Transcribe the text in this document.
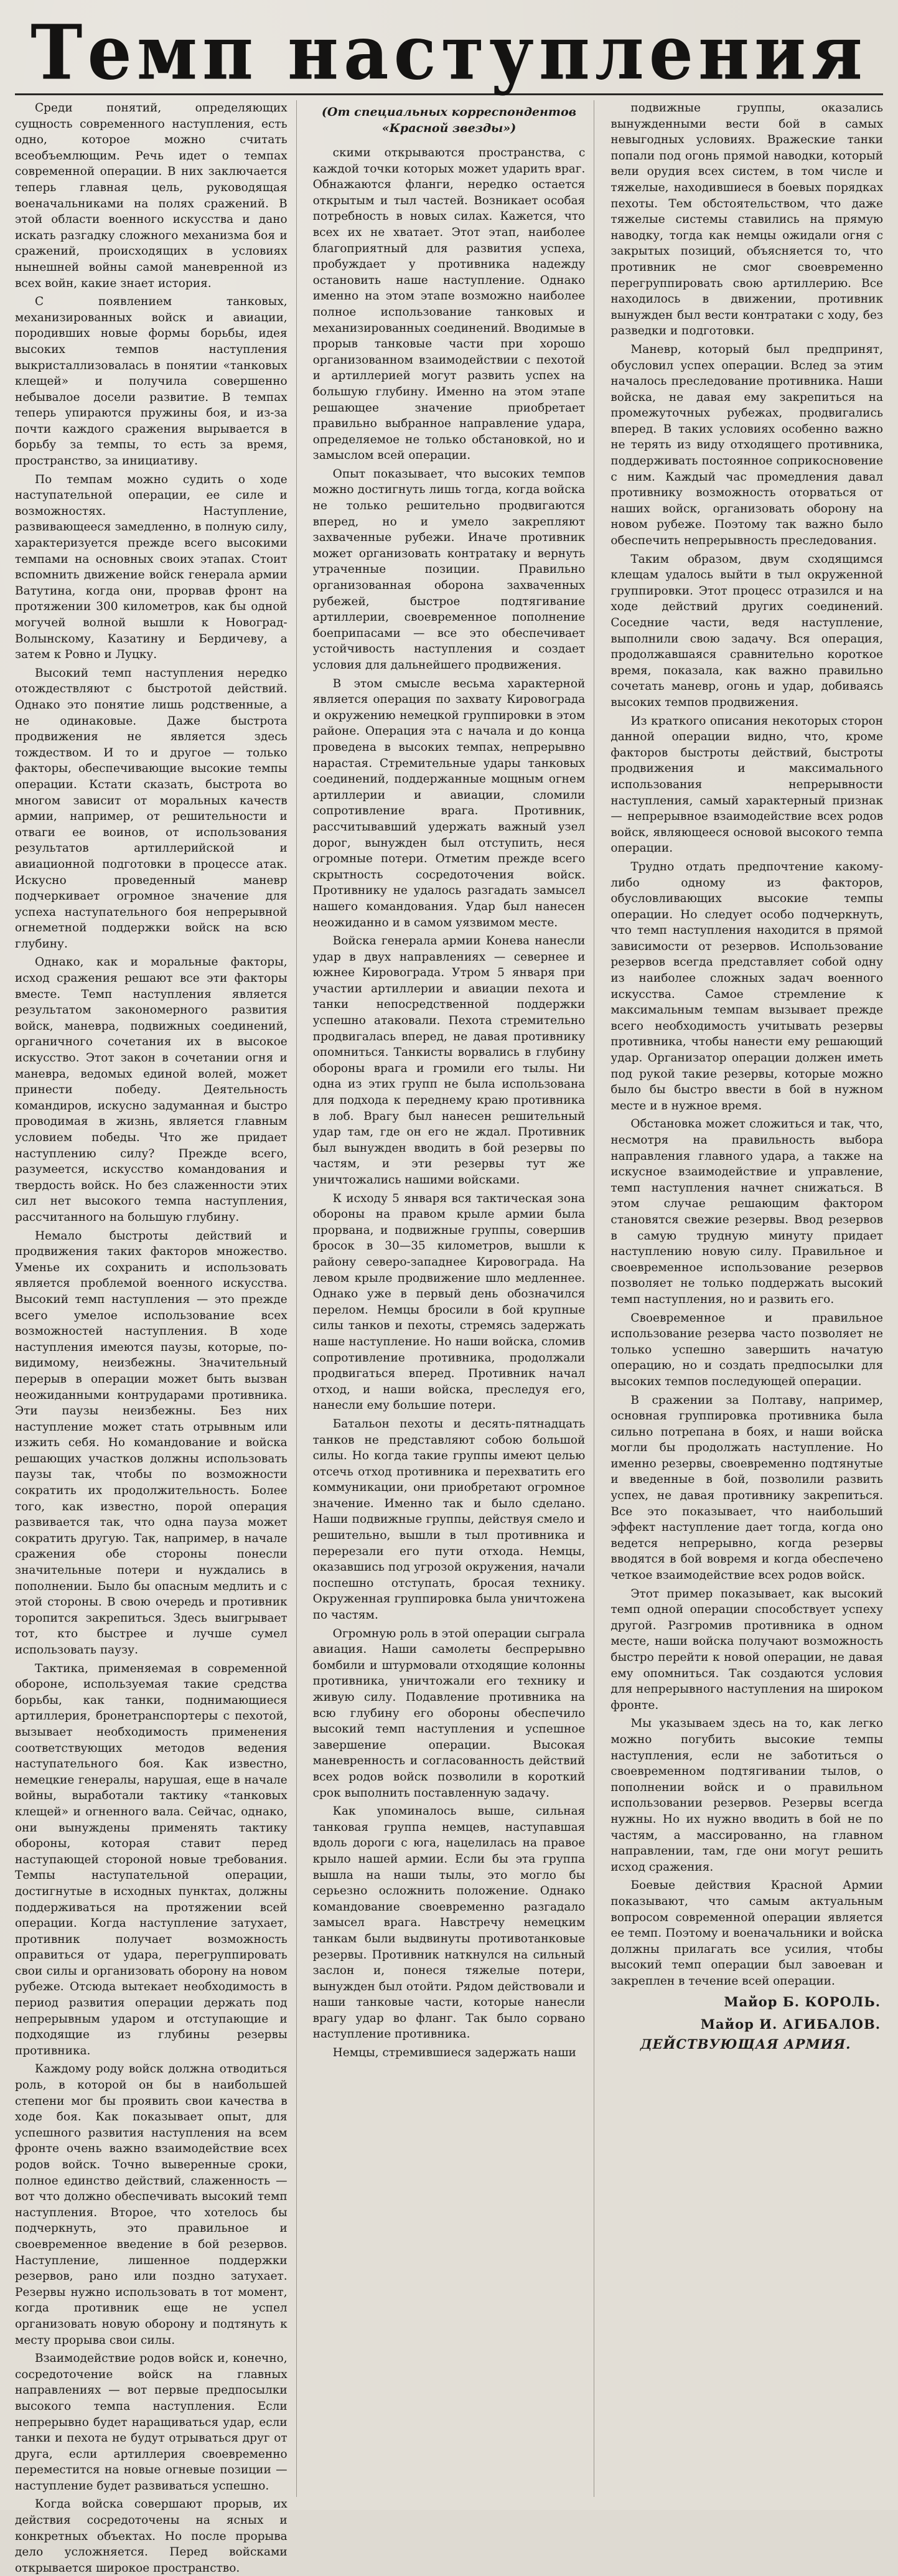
Темп наступления

Среди понятий, определяющих сущность современного наступления, есть одно, которое можно считать всеобъемлющим. Речь идет о темпах современной операции. В них заключается теперь главная цель, руководящая военачальниками на полях сражений. В этой области военного искусства и дано искать разгадку сложного механизма боя и сражений, происходящих в условиях нынешней войны самой маневренной из всех войн, какие знает история.

С появлением танковых, механизированных войск и авиации, породивших новые формы борьбы, идея высоких темпов наступления выкристаллизовалась в понятии «танковых клещей» и получила совершенно небывалое досели развитие. В темпах теперь упираются пружины боя, и из-за почти каждого сражения вырывается в борьбу за темпы, то есть за время, пространство, за инициативу.

По темпам можно судить о ходе наступательной операции, ее силе и возможностях. Наступление, развивающееся замедленно, в полную силу, характеризуется прежде всего высокими темпами на основных своих этапах. Стоит вспомнить движение войск генерала армии Ватутина, когда они, прорвав фронт на протяжении 300 километров, как бы одной могучей волной вышли к Новоград-Волынскому, Казатину и Бердичеву, а затем к Ровно и Луцку.

Высокий темп наступления нередко отождествляют с быстротой действий. Однако это понятие лишь родственные, а не одинаковые. Даже быстрота продвижения не является здесь тождеством. И то и другое — только факторы, обеспечивающие высокие темпы операции. Кстати сказать, быстрота во многом зависит от моральных качеств армии, например, от решительности и отваги ее воинов, от использования результатов артиллерийской и авиационной подготовки в процессе атак. Искусно проведенный маневр подчеркивает огромное значение для успеха наступательного боя непрерывной огнеметной поддержки войск на всю глубину.

Однако, как и моральные факторы, исход сражения решают все эти факторы вместе. Темп наступления является результатом закономерного развития войск, маневра, подвижных соединений, органичного сочетания их в высокое искусство. Этот закон в сочетании огня и маневра, ведомых единой волей, может принести победу. Деятельность командиров, искусно задуманная и быстро проводимая в жизнь, является главным условием победы. Что же придает наступлению силу? Прежде всего, разумеется, искусство командования и твердость войск. Но без слаженности этих сил нет высокого темпа наступления, рассчитанного на большую глубину.

Немало быстроты действий и продвижения таких факторов множество. Уменье их сохранить и использовать является проблемой военного искусства. Высокий темп наступления — это прежде всего умелое использование всех возможностей наступления. В ходе наступления имеются паузы, которые, по-видимому, неизбежны. Значительный перерыв в операции может быть вызван неожиданными контрударами противника. Эти паузы неизбежны. Без них наступление может стать отрывным или изжить себя. Но командование и войска решающих участков должны использовать паузы так, чтобы по возможности сократить их продолжительность. Более того, как известно, порой операция развивается так, что одна пауза может сократить другую. Так, например, в начале сражения обе стороны понесли значительные потери и нуждались в пополнении. Было бы опасным медлить и с этой стороны. В свою очередь и противник торопится закрепиться. Здесь выигрывает тот, кто быстрее и лучше сумел использовать паузу.

Тактика, применяемая в современной обороне, используемая такие средства борьбы, как танки, поднимающиеся артиллерия, бронетранспортеры с пехотой, вызывает необходимость применения соответствующих методов ведения наступательного боя. Как известно, немецкие генералы, нарушая, еще в начале войны, выработали тактику «танковых клещей» и огненного вала. Сейчас, однако, они вынуждены применять тактику обороны, которая ставит перед наступающей стороной новые требования. Темпы наступательной операции, достигнутые в исходных пунктах, должны поддерживаться на протяжении всей операции. Когда наступление затухает, противник получает возможность оправиться от удара, перегруппировать свои силы и организовать оборону на новом рубеже. Отсюда вытекает необходимость в период развития операции держать под непрерывным ударом и отступающие и подходящие из глубины резервы противника.

Каждому роду войск должна отводиться роль, в которой он бы в наибольшей степени мог бы проявить свои качества в ходе боя. Как показывает опыт, для успешного развития наступления на всем фронте очень важно взаимодействие всех родов войск. Точно выверенные сроки, полное единство действий, слаженность — вот что должно обеспечивать высокий темп наступления. Второе, что хотелось бы подчеркнуть, это правильное и своевременное введение в бой резервов. Наступление, лишенное поддержки резервов, рано или поздно затухает. Резервы нужно использовать в тот момент, когда противник еще не успел организовать новую оборону и подтянуть к месту прорыва свои силы.

Взаимодействие родов войск и, конечно, сосредоточение войск на главных направлениях — вот первые предпосылки высокого темпа наступления. Если непрерывно будет наращиваться удар, если танки и пехота не будут отрываться друг от друга, если артиллерия своевременно переместится на новые огневые позиции — наступление будет развиваться успешно.

Когда войска совершают прорыв, их действия сосредоточены на ясных и конкретных объектах. Но после прорыва дело усложняется. Перед войсками открывается широкое пространство.

(От специальных корреспондентов «Красной звезды»)

скими открываются пространства, с каждой точки которых может ударить враг. Обнажаются фланги, нередко остается открытым и тыл частей. Возникает особая потребность в новых силах. Кажется, что всех их не хватает. Этот этап, наиболее благоприятный для развития успеха, пробуждает у противника надежду остановить наше наступление. Однако именно на этом этапе возможно наиболее полное использование танковых и механизированных соединений. Вводимые в прорыв танковые части при хорошо организованном взаимодействии с пехотой и артиллерией могут развить успех на большую глубину. Именно на этом этапе решающее значение приобретает правильно выбранное направление удара, определяемое не только обстановкой, но и замыслом всей операции.

Опыт показывает, что высоких темпов можно достигнуть лишь тогда, когда войска не только решительно продвигаются вперед, но и умело закрепляют захваченные рубежи. Иначе противник может организовать контратаку и вернуть утраченные позиции. Правильно организованная оборона захваченных рубежей, быстрое подтягивание артиллерии, своевременное пополнение боеприпасами — все это обеспечивает устойчивость наступления и создает условия для дальнейшего продвижения.

В этом смысле весьма характерной является операция по захвату Кировограда и окружению немецкой группировки в этом районе. Операция эта с начала и до конца проведена в высоких темпах, непрерывно нарастая. Стремительные удары танковых соединений, поддержанные мощным огнем артиллерии и авиации, сломили сопротивление врага. Противник, рассчитывавший удержать важный узел дорог, вынужден был отступить, неся огромные потери. Отметим прежде всего скрытность сосредоточения войск. Противнику не удалось разгадать замысел нашего командования. Удар был нанесен неожиданно и в самом уязвимом месте.

Войска генерала армии Конева нанесли удар в двух направлениях — севернее и южнее Кировограда. Утром 5 января при участии артиллерии и авиации пехота и танки непосредственной поддержки успешно атаковали. Пехота стремительно продвигалась вперед, не давая противнику опомниться. Танкисты ворвались в глубину обороны врага и громили его тылы. Ни одна из этих групп не была использована для подхода к переднему краю противника в лоб. Врагу был нанесен решительный удар там, где он его не ждал. Противник был вынужден вводить в бой резервы по частям, и эти резервы тут же уничтожались нашими войсками.

К исходу 5 января вся тактическая зона обороны на правом крыле армии была прорвана, и подвижные группы, совершив бросок в 30—35 километров, вышли к району северо-западнее Кировограда. На левом крыле продвижение шло медленнее. Однако уже в первый день обозначился перелом. Немцы бросили в бой крупные силы танков и пехоты, стремясь задержать наше наступление. Но наши войска, сломив сопротивление противника, продолжали продвигаться вперед. Противник начал отход, и наши войска, преследуя его, нанесли ему большие потери.

Батальон пехоты и десять-пятнадцать танков не представляют собою большой силы. Но когда такие группы имеют целью отсечь отход противника и перехватить его коммуникации, они приобретают огромное значение. Именно так и было сделано. Наши подвижные группы, действуя смело и решительно, вышли в тыл противника и перерезали его пути отхода. Немцы, оказавшись под угрозой окружения, начали поспешно отступать, бросая технику. Окруженная группировка была уничтожена по частям.

Огромную роль в этой операции сыграла авиация. Наши самолеты беспрерывно бомбили и штурмовали отходящие колонны противника, уничтожали его технику и живую силу. Подавление противника на всю глубину его обороны обеспечило высокий темп наступления и успешное завершение операции. Высокая маневренность и согласованность действий всех родов войск позволили в короткий срок выполнить поставленную задачу.

Как упоминалось выше, сильная танковая группа немцев, наступавшая вдоль дороги с юга, нацелилась на правое крыло нашей армии. Если бы эта группа вышла на наши тылы, это могло бы серьезно осложнить положение. Однако командование своевременно разгадало замысел врага. Навстречу немецким танкам были выдвинуты противотанковые резервы. Противник наткнулся на сильный заслон и, понеся тяжелые потери, вынужден был отойти. Рядом действовали и наши танковые части, которые нанесли врагу удар во фланг. Так было сорвано наступление противника.

Немцы, стремившиеся задержать наши

подвижные группы, оказались вынужденными вести бой в самых невыгодных условиях. Вражеские танки попали под огонь прямой наводки, который вели орудия всех систем, в том числе и тяжелые, находившиеся в боевых порядках пехоты. Тем обстоятельством, что даже тяжелые системы ставились на прямую наводку, тогда как немцы ожидали огня с закрытых позиций, объясняется то, что противник не смог своевременно перегруппировать свою артиллерию. Все находилось в движении, противник вынужден был вести контратаки с ходу, без разведки и подготовки.

Маневр, который был предпринят, обусловил успех операции. Вслед за этим началось преследование противника. Наши войска, не давая ему закрепиться на промежуточных рубежах, продвигались вперед. В таких условиях особенно важно не терять из виду отходящего противника, поддерживать постоянное соприкосновение с ним. Каждый час промедления давал противнику возможность оторваться от наших войск, организовать оборону на новом рубеже. Поэтому так важно было обеспечить непрерывность преследования.

Таким образом, двум сходящимся клещам удалось выйти в тыл окруженной группировки. Этот процесс отразился и на ходе действий других соединений. Соседние части, ведя наступление, выполнили свою задачу. Вся операция, продолжавшаяся сравнительно короткое время, показала, как важно правильно сочетать маневр, огонь и удар, добиваясь высоких темпов продвижения.

Из краткого описания некоторых сторон данной операции видно, что, кроме факторов быстроты действий, быстроты продвижения и максимального использования непрерывности наступления, самый характерный признак — непрерывное взаимодействие всех родов войск, являющееся основой высокого темпа операции.

Трудно отдать предпочтение какому-либо одному из факторов, обусловливающих высокие темпы операции. Но следует особо подчеркнуть, что темп наступления находится в прямой зависимости от резервов. Использование резервов всегда представляет собой одну из наиболее сложных задач военного искусства. Самое стремление к максимальным темпам вызывает прежде всего необходимость учитывать резервы противника, чтобы нанести ему решающий удар. Организатор операции должен иметь под рукой такие резервы, которые можно было бы быстро ввести в бой в нужном месте и в нужное время.

Обстановка может сложиться и так, что, несмотря на правильность выбора направления главного удара, а также на искусное взаимодействие и управление, темп наступления начнет снижаться. В этом случае решающим фактором становятся свежие резервы. Ввод резервов в самую трудную минуту придает наступлению новую силу. Правильное и своевременное использование резервов позволяет не только поддержать высокий темп наступления, но и развить его.

Своевременное и правильное использование резерва часто позволяет не только успешно завершить начатую операцию, но и создать предпосылки для высоких темпов последующей операции.

В сражении за Полтаву, например, основная группировка противника была сильно потрепана в боях, и наши войска могли бы продолжать наступление. Но именно резервы, своевременно подтянутые и введенные в бой, позволили развить успех, не давая противнику закрепиться. Все это показывает, что наибольший эффект наступление дает тогда, когда оно ведется непрерывно, когда резервы вводятся в бой вовремя и когда обеспечено четкое взаимодействие всех родов войск.

Этот пример показывает, как высокий темп одной операции способствует успеху другой. Разгромив противника в одном месте, наши войска получают возможность быстро перейти к новой операции, не давая ему опомниться. Так создаются условия для непрерывного наступления на широком фронте.

Мы указываем здесь на то, как легко можно погубить высокие темпы наступления, если не заботиться о своевременном подтягивании тылов, о пополнении войск и о правильном использовании резервов. Резервы всегда нужны. Но их нужно вводить в бой не по частям, а массированно, на главном направлении, там, где они могут решить исход сражения.

Боевые действия Красной Армии показывают, что самым актуальным вопросом современной операции является ее темп. Поэтому и военачальники и войска должны прилагать все усилия, чтобы высокий темп операции был завоеван и закреплен в течение всей операции.

Майор Б. КОРОЛЬ.
Майор И. АГИБАЛОВ.
ДЕЙСТВУЮЩАЯ АРМИЯ.
